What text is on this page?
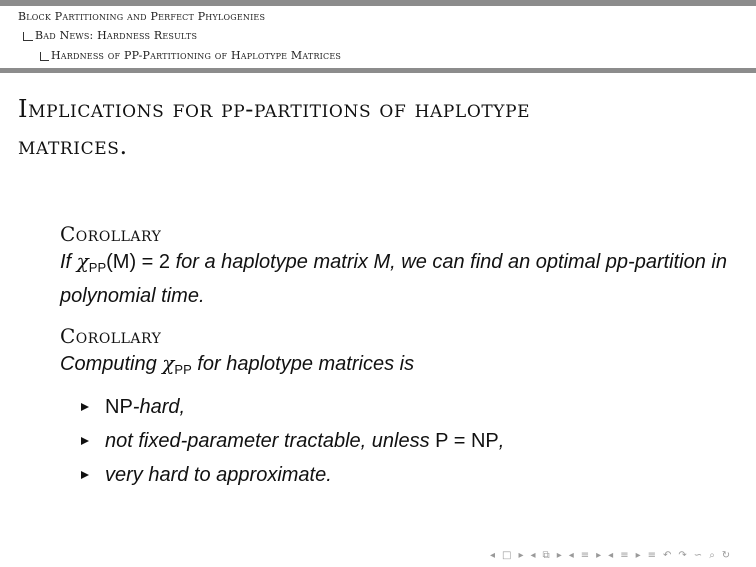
Block Partitioning and Perfect Phylogenies
Bad News: Hardness Results
Hardness of PP-Partitioning of Haplotype Matrices
Implications for pp-partitions of haplotype
matrices.
Corollary
If $\chi_{PP}(M) = 2$ for a haplotype matrix M, we can find an optimal pp-partition in polynomial time.
Corollary
Computing $\chi_{PP}$ for haplotype matrices is
NP-hard,
not fixed-parameter tractable, unless P = NP,
very hard to approximate.
◂ □ ▸ ◂ ⧉ ▸ ◂ ≡ ▸ ◂ ≡ ▸ ≡ ↶ ↷ ∽ ⌕ ↻
